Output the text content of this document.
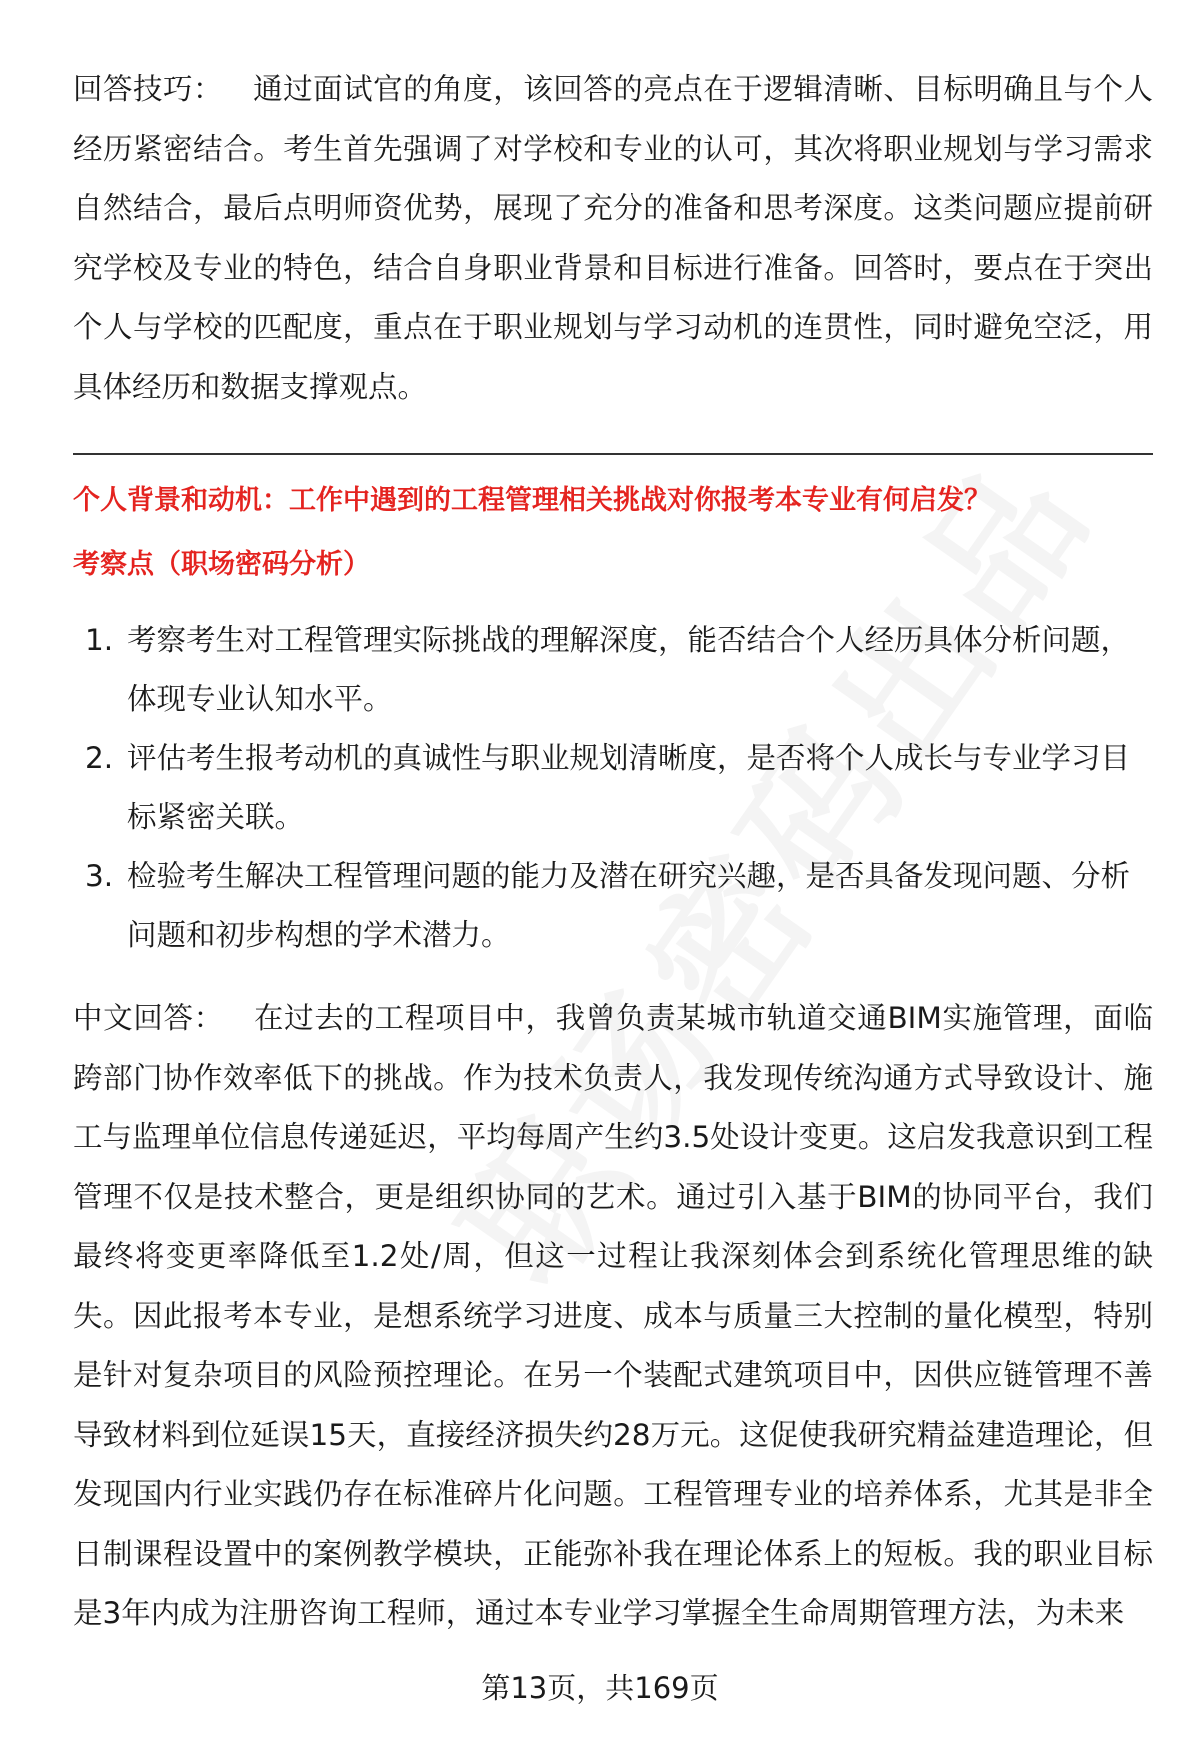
回答技巧：  通过面试官的角度，该回答的亮点在于逻辑清晰、目标明确且与个人经历紧密结合。考生首先强调了对学校和专业的认可，其次将职业规划与学习需求自然结合，最后点明师资优势，展现了充分的准备和思考深度。这类问题应提前研究学校及专业的特色，结合自身职业背景和目标进行准备。回答时，要点在于突出个人与学校的匹配度，重点在于职业规划与学习动机的连贯性，同时避免空泛，用具体经历和数据支撑观点。

个人背景和动机：工作中遇到的工程管理相关挑战对你报考本专业有何启发？
考察点（职场密码分析）
1. 考察考生对工程管理实际挑战的理解深度，能否结合个人经历具体分析问题，体现专业认知水平。
2. 评估考生报考动机的真诚性与职业规划清晰度，是否将个人成长与专业学习目标紧密关联。
3. 检验考生解决工程管理问题的能力及潜在研究兴趣，是否具备发现问题、分析问题和初步构想的学术潜力。

中文回答：  在过去的工程项目中，我曾负责某城市轨道交通BIM实施管理，面临跨部门协作效率低下的挑战。作为技术负责人，我发现传统沟通方式导致设计、施工与监理单位信息传递延迟，平均每周产生约3.5处设计变更。这启发我意识到工程管理不仅是技术整合，更是组织协同的艺术。通过引入基于BIM的协同平台，我们最终将变更率降低至1.2处/周，但这一过程让我深刻体会到系统化管理思维的缺失。因此报考本专业，是想系统学习进度、成本与质量三大控制的量化模型，特别是针对复杂项目的风险预控理论。在另一个装配式建筑项目中，因供应链管理不善导致材料到位延误15天，直接经济损失约28万元。这促使我研究精益建造理论，但发现国内行业实践仍存在标准碎片化问题。工程管理专业的培养体系，尤其是非全日制课程设置中的案例教学模块，正能弥补我在理论体系上的短板。我的职业目标是3年内成为注册咨询工程师，通过本专业学习掌握全生命周期管理方法，为未来

第13页，共169页
